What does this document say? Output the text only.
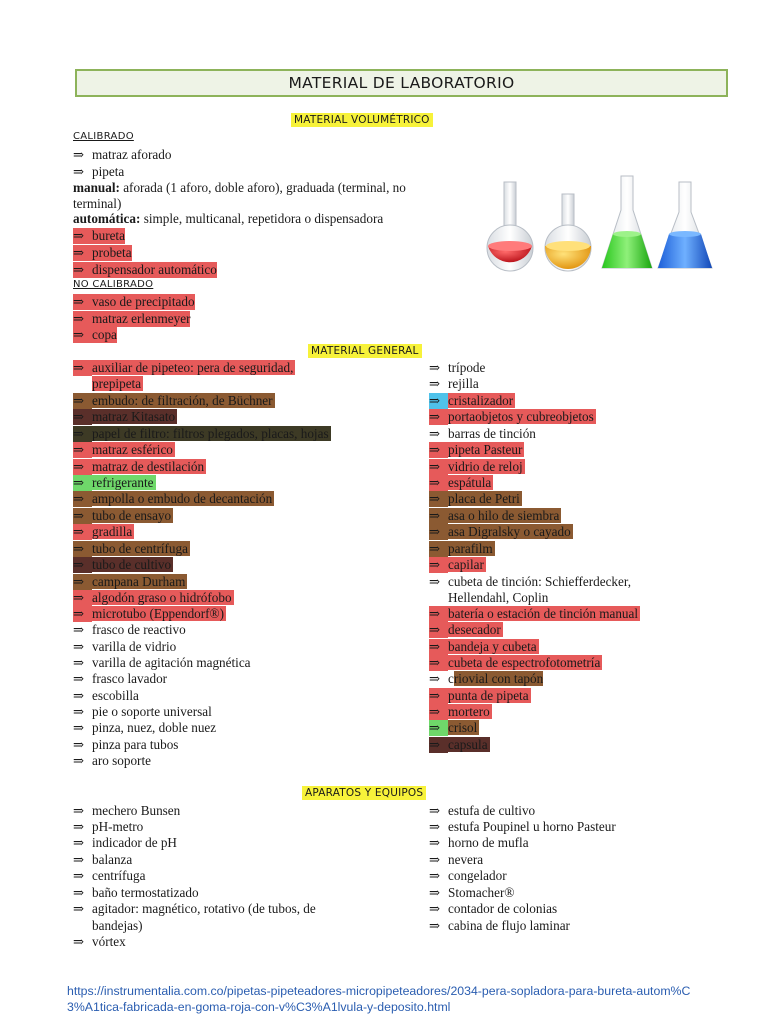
MATERIAL DE LABORATORIO
MATERIAL VOLUMÉTRICO
CALIBRADO
⇒ matraz aforado
⇒ pipeta
manual: aforada (1 aforo, doble aforo), graduada (terminal, no
terminal)
automática: simple, multicanal, repetidora o dispensadora
⇒ bureta
⇒ probeta
⇒ dispensador automático
NO CALIBRADO
⇒ vaso de precipitado
⇒ matraz erlenmeyer
⇒ copa
MATERIAL GENERAL
⇒ auxiliar de pipeteo: pera de seguridad,
prepipeta
⇒ embudo: de filtración, de Büchner
⇒ matraz Kitasato
⇒ papel de filtro: filtros plegados, placas, hojas
⇒ matraz esférico
⇒ matraz de destilación
⇒ refrigerante
⇒ ampolla o embudo de decantación
⇒ tubo de ensayo
⇒ gradilla
⇒ tubo de centrífuga
⇒ tubo de cultivo
⇒ campana Durham
⇒ algodón graso o hidrófobo
⇒ microtubo (Eppendorf®)
⇒ frasco de reactivo
⇒ varilla de vidrio
⇒ varilla de agitación magnética
⇒ frasco lavador
⇒ escobilla
⇒ pie o soporte universal
⇒ pinza, nuez, doble nuez
⇒ pinza para tubos
⇒ aro soporte
⇒ trípode
⇒ rejilla
⇒ cristalizador
⇒ portaobjetos y cubreobjetos
⇒ barras de tinción
⇒ pipeta Pasteur
⇒ vidrio de reloj
⇒ espátula
⇒ placa de Petri
⇒ asa o hilo de siembra
⇒ asa Digralsky o cayado
⇒ parafilm
⇒ capilar
⇒ cubeta de tinción: Schiefferdecker,
Hellendahl, Coplin
⇒ batería o estación de tinción manual
⇒ desecador
⇒ bandeja y cubeta
⇒ cubeta de espectrofotometría
⇒ criovial con tapón
⇒ punta de pipeta
⇒ mortero
⇒ crisol
⇒ capsula
APARATOS Y EQUIPOS
⇒ mechero Bunsen
⇒ pH-metro
⇒ indicador de pH
⇒ balanza
⇒ centrífuga
⇒ baño termostatizado
⇒ agitador: magnético, rotativo (de tubos, de
bandejas)
⇒ vórtex
⇒ estufa de cultivo
⇒ estufa Poupinel u horno Pasteur
⇒ horno de mufla
⇒ nevera
⇒ congelador
⇒ Stomacher®
⇒ contador de colonias
⇒ cabina de flujo laminar
https://instrumentalia.com.co/pipetas-pipeteadores-micropipeteadores/2034-pera-sopladora-para-bureta-autom%C
3%A1tica-fabricada-en-goma-roja-con-v%C3%A1lvula-y-deposito.html
